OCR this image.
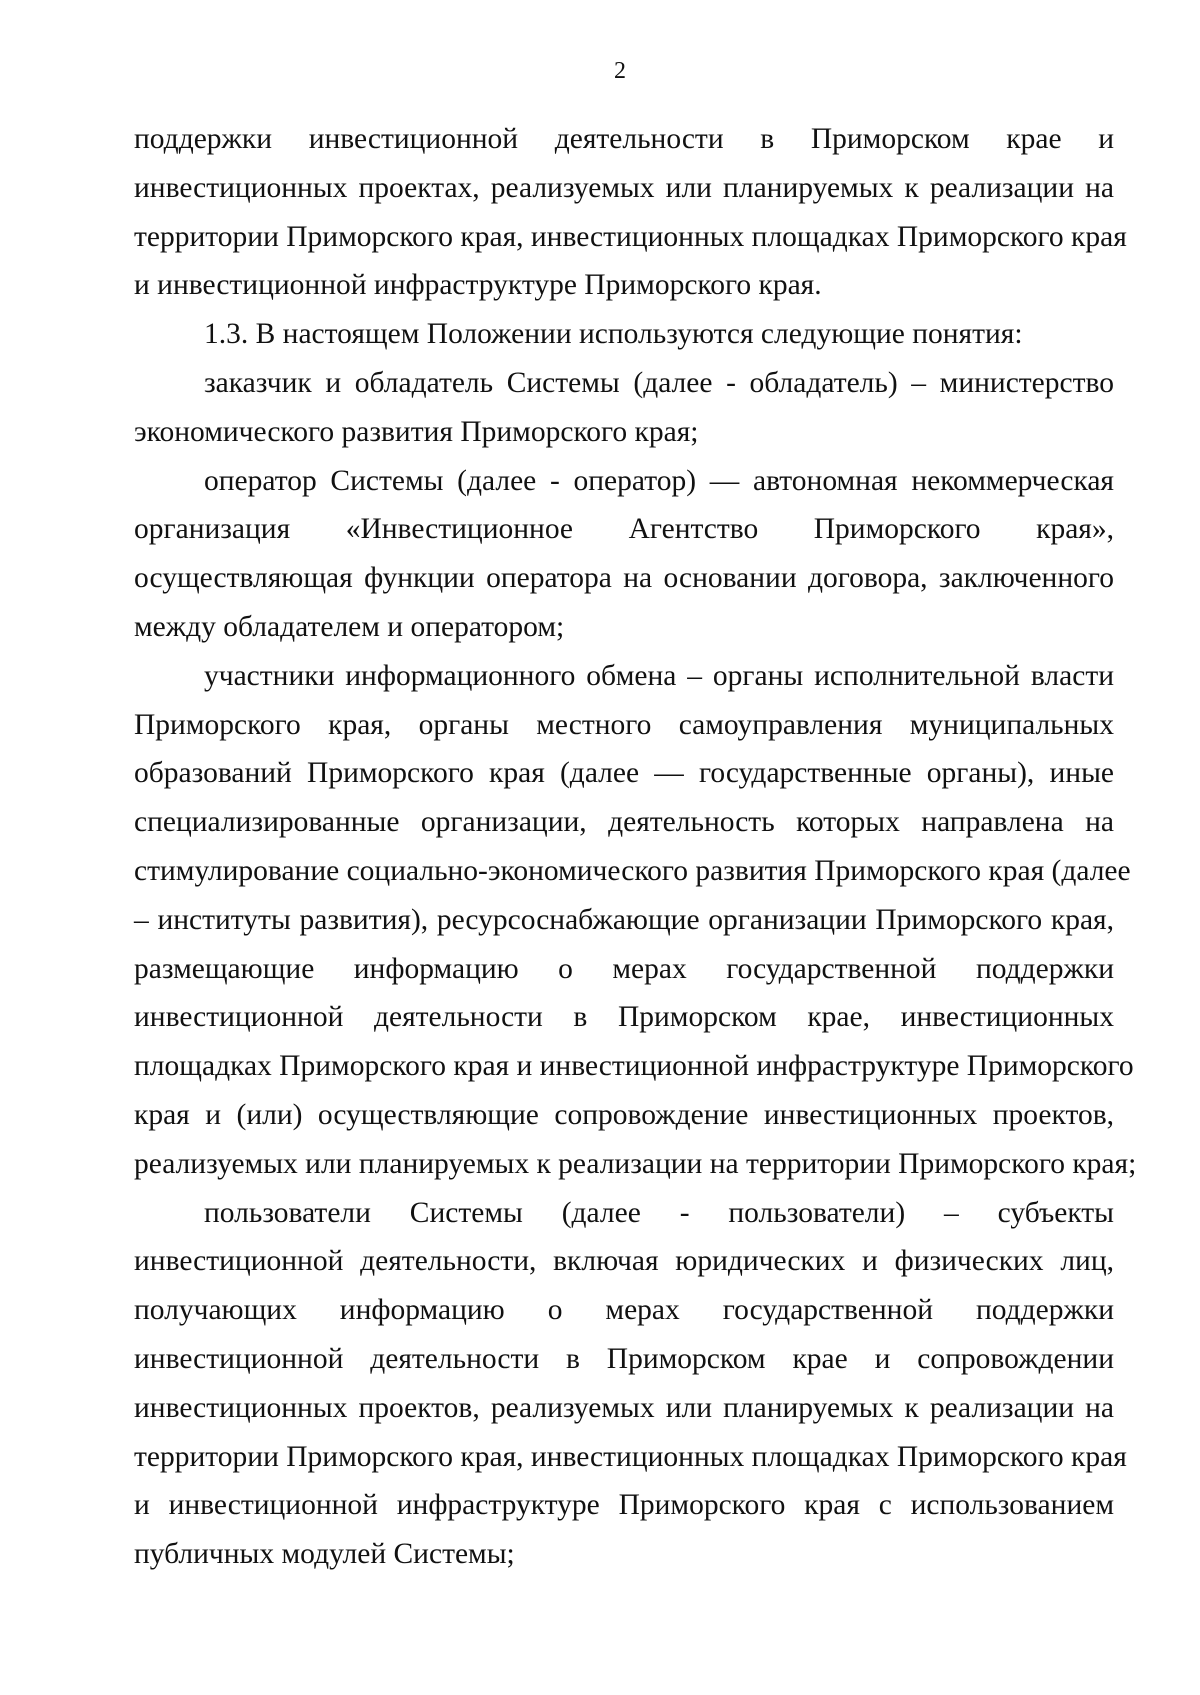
2
поддержки инвестиционной деятельности в Приморском крае и
инвестиционных проектах, реализуемых или планируемых к реализации на
территории Приморского края, инвестиционных площадках Приморского края
и инвестиционной инфраструктуре Приморского края.
1.3. В настоящем Положении используются следующие понятия:
заказчик и обладатель Системы (далее - обладатель) – министерство
экономического развития Приморского края;
оператор Системы (далее - оператор) — автономная некоммерческая
организация «Инвестиционное Агентство Приморского края»,
осуществляющая функции оператора на основании договора, заключенного
между обладателем и оператором;
участники информационного обмена – органы исполнительной власти
Приморского края, органы местного самоуправления муниципальных
образований Приморского края (далее — государственные органы), иные
специализированные организации, деятельность которых направлена на
стимулирование социально-экономического развития Приморского края (далее
– институты развития), ресурсоснабжающие организации Приморского края,
размещающие информацию о мерах государственной поддержки
инвестиционной деятельности в Приморском крае, инвестиционных
площадках Приморского края и инвестиционной инфраструктуре Приморского
края и (или) осуществляющие сопровождение инвестиционных проектов,
реализуемых или планируемых к реализации на территории Приморского края;
пользователи Системы (далее - пользователи) – субъекты
инвестиционной деятельности, включая юридических и физических лиц,
получающих информацию о мерах государственной поддержки
инвестиционной деятельности в Приморском крае и сопровождении
инвестиционных проектов, реализуемых или планируемых к реализации на
территории Приморского края, инвестиционных площадках Приморского края
и инвестиционной инфраструктуре Приморского края с использованием
публичных модулей Системы;
